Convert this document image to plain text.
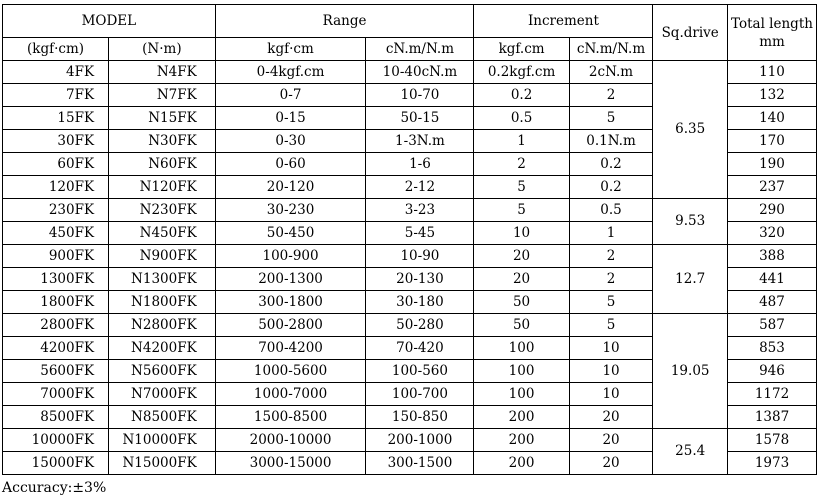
MODEL		Range		Increment		Sq.drive	Total length
mm
(kgf·cm)	(N·m)	kgf·cm	cN.m/N.m	kgf.cm	cN.m/N.m		
4FK	N4FK	0-4kgf.cm	10-40cN.m	0.2kgf.cm	2cN.m	6.35	110
7FK	N7FK	0-7	10-70	0.2	2		132
15FK	N15FK	0-15	50-15	0.5	5		140
30FK	N30FK	0-30	1-3N.m	1	0.1N.m		170
60FK	N60FK	0-60	1-6	2	0.2		190
120FK	N120FK	20-120	2-12	5	0.2		237
230FK	N230FK	30-230	3-23	5	0.5	9.53	290
450FK	N450FK	50-450	5-45	10	1		320
900FK	N900FK	100-900	10-90	20	2	12.7	388
1300FK	N1300FK	200-1300	20-130	20	2		441
1800FK	N1800FK	300-1800	30-180	50	5		487
2800FK	N2800FK	500-2800	50-280	50	5	19.05	587
4200FK	N4200FK	700-4200	70-420	100	10		853
5600FK	N5600FK	1000-5600	100-560	100	10		946
7000FK	N7000FK	1000-7000	100-700	100	10		1172
8500FK	N8500FK	1500-8500	150-850	200	20		1387
10000FK	N10000FK	2000-10000	200-1000	200	20	25.4	1578
15000FK	N15000FK	3000-15000	300-1500	200	20		1973
Accuracy:±3%
